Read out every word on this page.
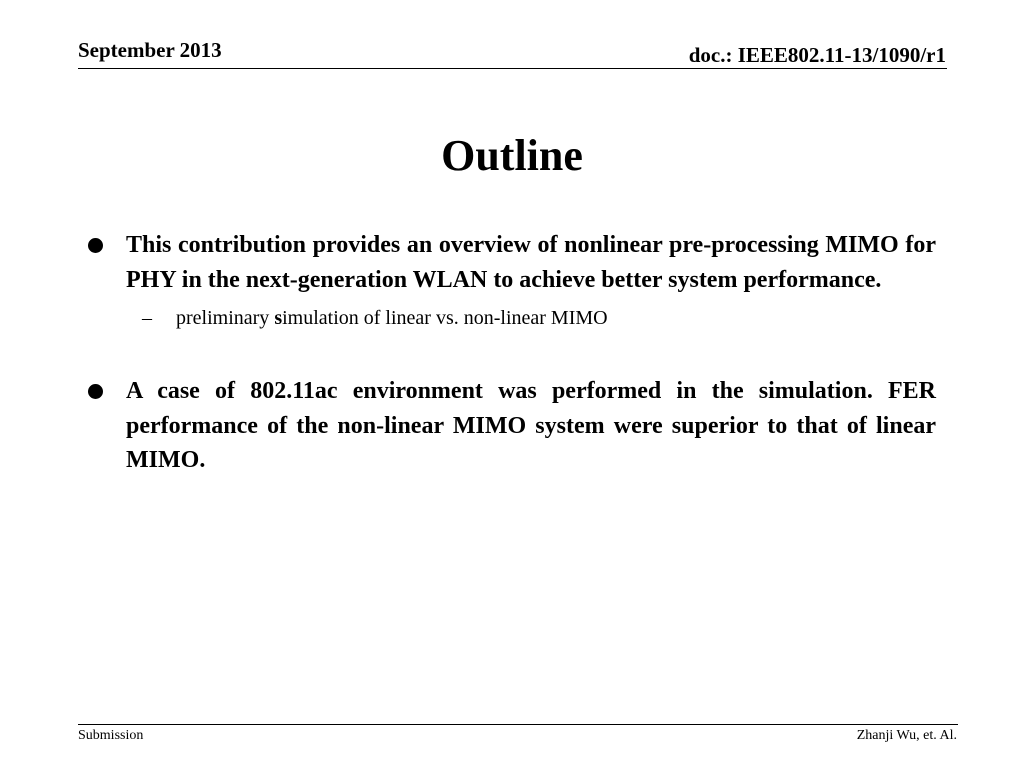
September 2013	doc.: IEEE802.11-13/1090/r1
Outline
This contribution provides an overview of nonlinear pre-processing MIMO for PHY in the next-generation WLAN to achieve better system performance.
– preliminary simulation of linear vs. non-linear MIMO
A case of 802.11ac environment was performed in the simulation. FER performance of the non-linear MIMO system were superior to that of linear MIMO.
Submission	Zhanji Wu, et. Al.
